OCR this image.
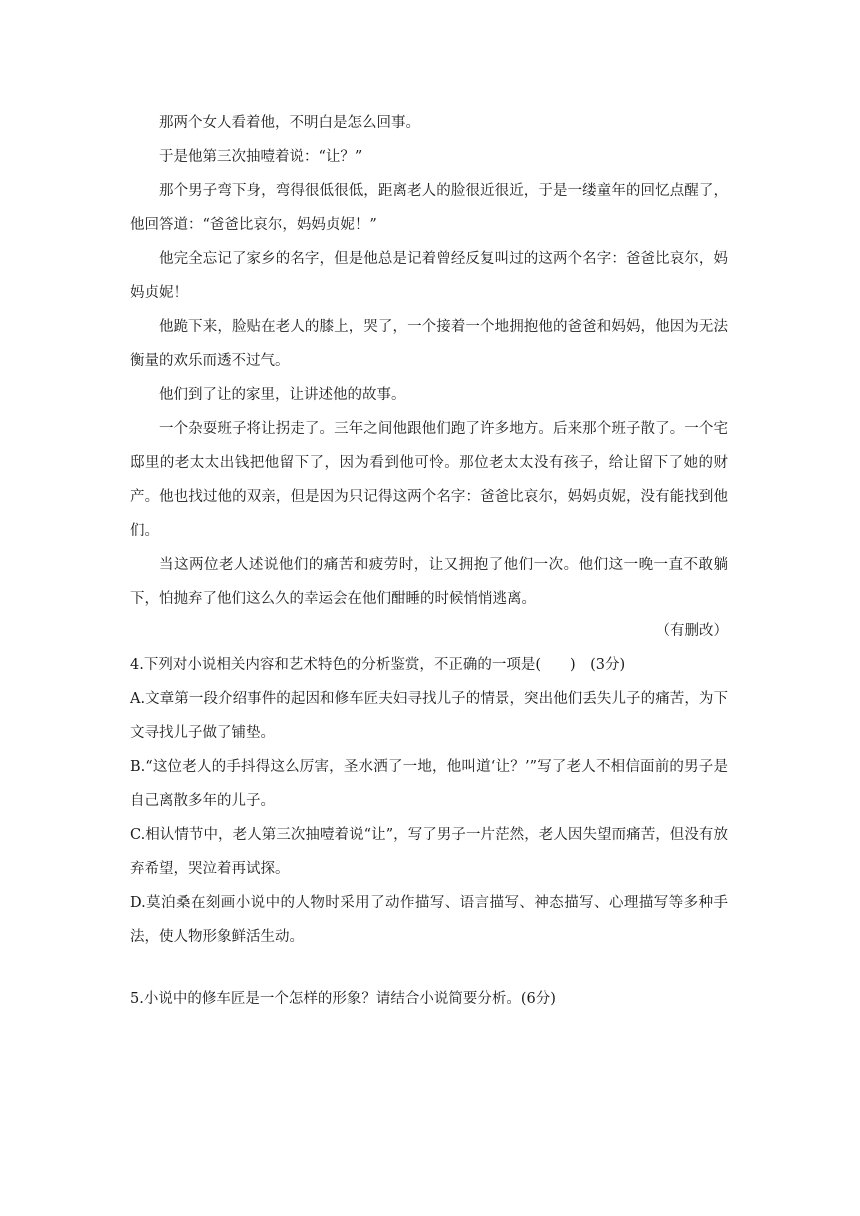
那两个女人看着他，不明白是怎么回事。

于是他第三次抽噎着说：“让？”

那个男子弯下身，弯得很低很低，距离老人的脸很近很近，于是一缕童年的回忆点醒了，他回答道：“爸爸比哀尔，妈妈贞妮！”

他完全忘记了家乡的名字，但是他总是记着曾经反复叫过的这两个名字：爸爸比哀尔，妈妈贞妮！

他跪下来，脸贴在老人的膝上，哭了，一个接着一个地拥抱他的爸爸和妈妈，他因为无法衡量的欢乐而透不过气。

他们到了让的家里，让讲述他的故事。

一个杂耍班子将让拐走了。三年之间他跟他们跑了许多地方。后来那个班子散了。一个宅邸里的老太太出钱把他留下了，因为看到他可怜。那位老太太没有孩子，给让留下了她的财产。他也找过他的双亲，但是因为只记得这两个名字：爸爸比哀尔，妈妈贞妮，没有能找到他们。

当这两位老人述说他们的痛苦和疲劳时，让又拥抱了他们一次。他们这一晚一直不敢躺下，怕抛弃了他们这么久的幸运会在他们酣睡的时候悄悄逃离。

（有删改）

4.下列对小说相关内容和艺术特色的分析鉴赏，不正确的一项是(　　)　(3分)

A.文章第一段介绍事件的起因和修车匠夫妇寻找儿子的情景，突出他们丢失儿子的痛苦，为下文寻找儿子做了铺垫。

B.“这位老人的手抖得这么厉害，圣水洒了一地，他叫道‘让？’”写了老人不相信面前的男子是自己离散多年的儿子。

C.相认情节中，老人第三次抽噎着说“让”，写了男子一片茫然，老人因失望而痛苦，但没有放弃希望，哭泣着再试探。

D.莫泊桑在刻画小说中的人物时采用了动作描写、语言描写、神态描写、心理描写等多种手法，使人物形象鲜活生动。

5.小说中的修车匠是一个怎样的形象？请结合小说简要分析。(6分)
